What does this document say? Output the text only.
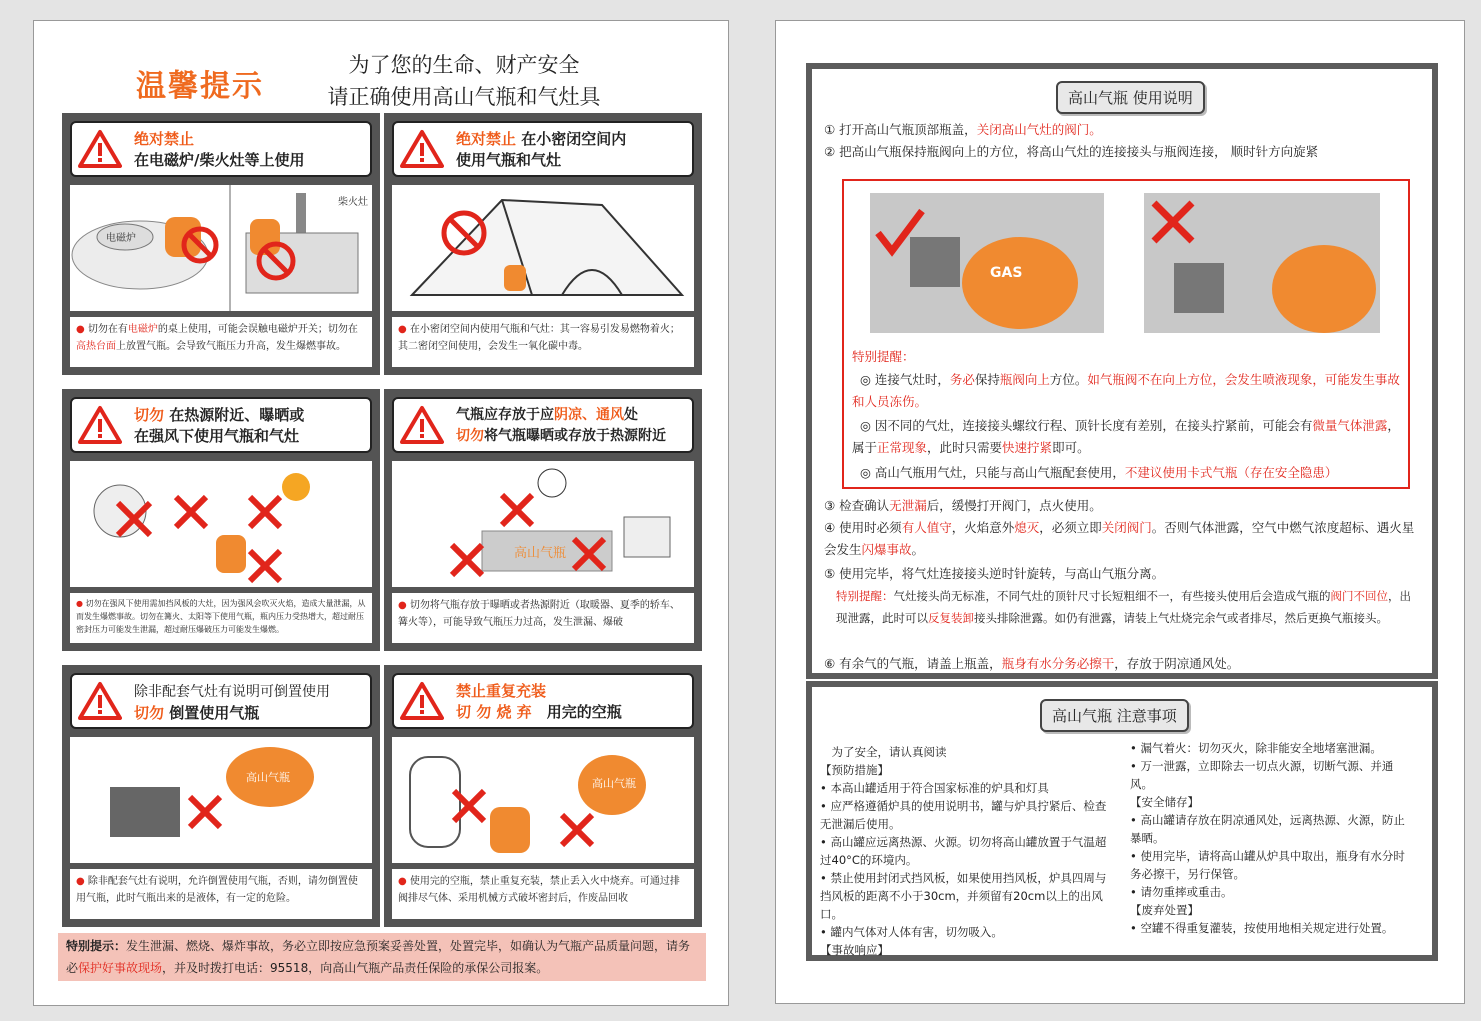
温馨提示
为了您的生命、财产安全
请正确使用高山气瓶和气灶具
绝对禁止
在电磁炉/柴火灶等上使用
电磁炉
柴火灶
● 切勿在有电磁炉的桌上使用，可能会误触电磁炉开关；切勿在高热台面上放置气瓶。会导致气瓶压力升高，发生爆燃事故。
绝对禁止 在小密闭空间内
使用气瓶和气灶
● 在小密闭空间内使用气瓶和气灶：其一容易引发易燃物着火；其二密闭空间使用，会发生一氧化碳中毒。
切勿 在热源附近、曝晒或
在强风下使用气瓶和气灶
● 切勿在强风下使用需加挡风板的大灶，因为强风会吹灭火焰，造成大量泄漏，从而发生爆燃事故。切勿在篝火、太阳等下使用气瓶，瓶内压力受热增大，超过耐压密封压力可能发生泄漏，超过耐压爆破压力可能发生爆燃。
气瓶应存放于应阴凉、通风处
切勿将气瓶曝晒或存放于热源附近
高山气瓶
● 切勿将气瓶存放于曝晒或者热源附近（取暖器、夏季的轿车、篝火等），可能导致气瓶压力过高，发生泄漏、爆破
除非配套气灶有说明可倒置使用
切勿 倒置使用气瓶
高山气瓶
● 除非配套气灶有说明，允许倒置使用气瓶，否则，请勿倒置使用气瓶，此时气瓶出来的是液体，有一定的危险。
禁止重复充装
切 勿 烧 弃　 用完的空瓶
高山气瓶
● 使用完的空瓶，禁止重复充装，禁止丢入火中烧弃。可通过排阀排尽气体、采用机械方式破坏密封后，作废品回收
特别提示：发生泄漏、燃烧、爆炸事故，务必立即按应急预案妥善处置，处置完毕，如确认为气瓶产品质量问题，请务必保护好事故现场，并及时拨打电话：95518，向高山气瓶产品责任保险的承保公司报案。
高山气瓶 使用说明
① 打开高山气瓶顶部瓶盖，关闭高山气灶的阀门。
② 把高山气瓶保持瓶阀向上的方位，将高山气灶的连接接头与瓶阀连接， 顺时针方向旋紧
GAS
特别提醒：
◎ 连接气灶时，务必保持瓶阀向上方位。如气瓶阀不在向上方位，会发生喷液现象，可能发生事故和人员冻伤。
◎ 因不同的气灶，连接接头螺纹行程、顶针长度有差别，在接头拧紧前，可能会有微量气体泄露，属于正常现象，此时只需要快速拧紧即可。
◎ 高山气瓶用气灶，只能与高山气瓶配套使用，不建议使用卡式气瓶（存在安全隐患）
③ 检查确认无泄漏后，缓慢打开阀门，点火使用。
④ 使用时必须有人值守，火焰意外熄灭，必须立即关闭阀门。否则气体泄露，空气中燃气浓度超标、遇火星会发生闪爆事故。
⑤ 使用完毕，将气灶连接接头逆时针旋转，与高山气瓶分离。
特别提醒：气灶接头尚无标准，不同气灶的顶针尺寸长短粗细不一，有些接头使用后会造成气瓶的阀门不回位，出现泄露，此时可以反复装卸接头排除泄露。如仍有泄露，请装上气灶烧完余气或者排尽，然后更换气瓶接头。
⑥ 有余气的气瓶，请盖上瓶盖，瓶身有水分务必擦干，存放于阴凉通风处。
高山气瓶 注意事项
　为了安全，请认真阅读
【预防措施】
• 本高山罐适用于符合国家标准的炉具和灯具
• 应严格遵循炉具的使用说明书，罐与炉具拧紧后、检查无泄漏后使用。
• 高山罐应远离热源、火源。切勿将高山罐放置于气温超过40°C的环境内。
• 禁止使用封闭式挡风板，如果使用挡风板，炉具四周与挡风板的距离不小于30cm，并须留有20cm以上的出风口。
• 罐内气体对人体有害，切勿吸入。
【事故响应】
• 漏气着火：切勿灭火，除非能安全地堵塞泄漏。
• 万一泄露，立即除去一切点火源，切断气源、并通风。
【安全储存】
• 高山罐请存放在阴凉通风处，远离热源、火源，防止暴晒。
• 使用完毕，请将高山罐从炉具中取出，瓶身有水分时务必擦干，另行保管。
• 请勿重摔或重击。
【废弃处置】
• 空罐不得重复灌装，按使用地相关规定进行处置。
